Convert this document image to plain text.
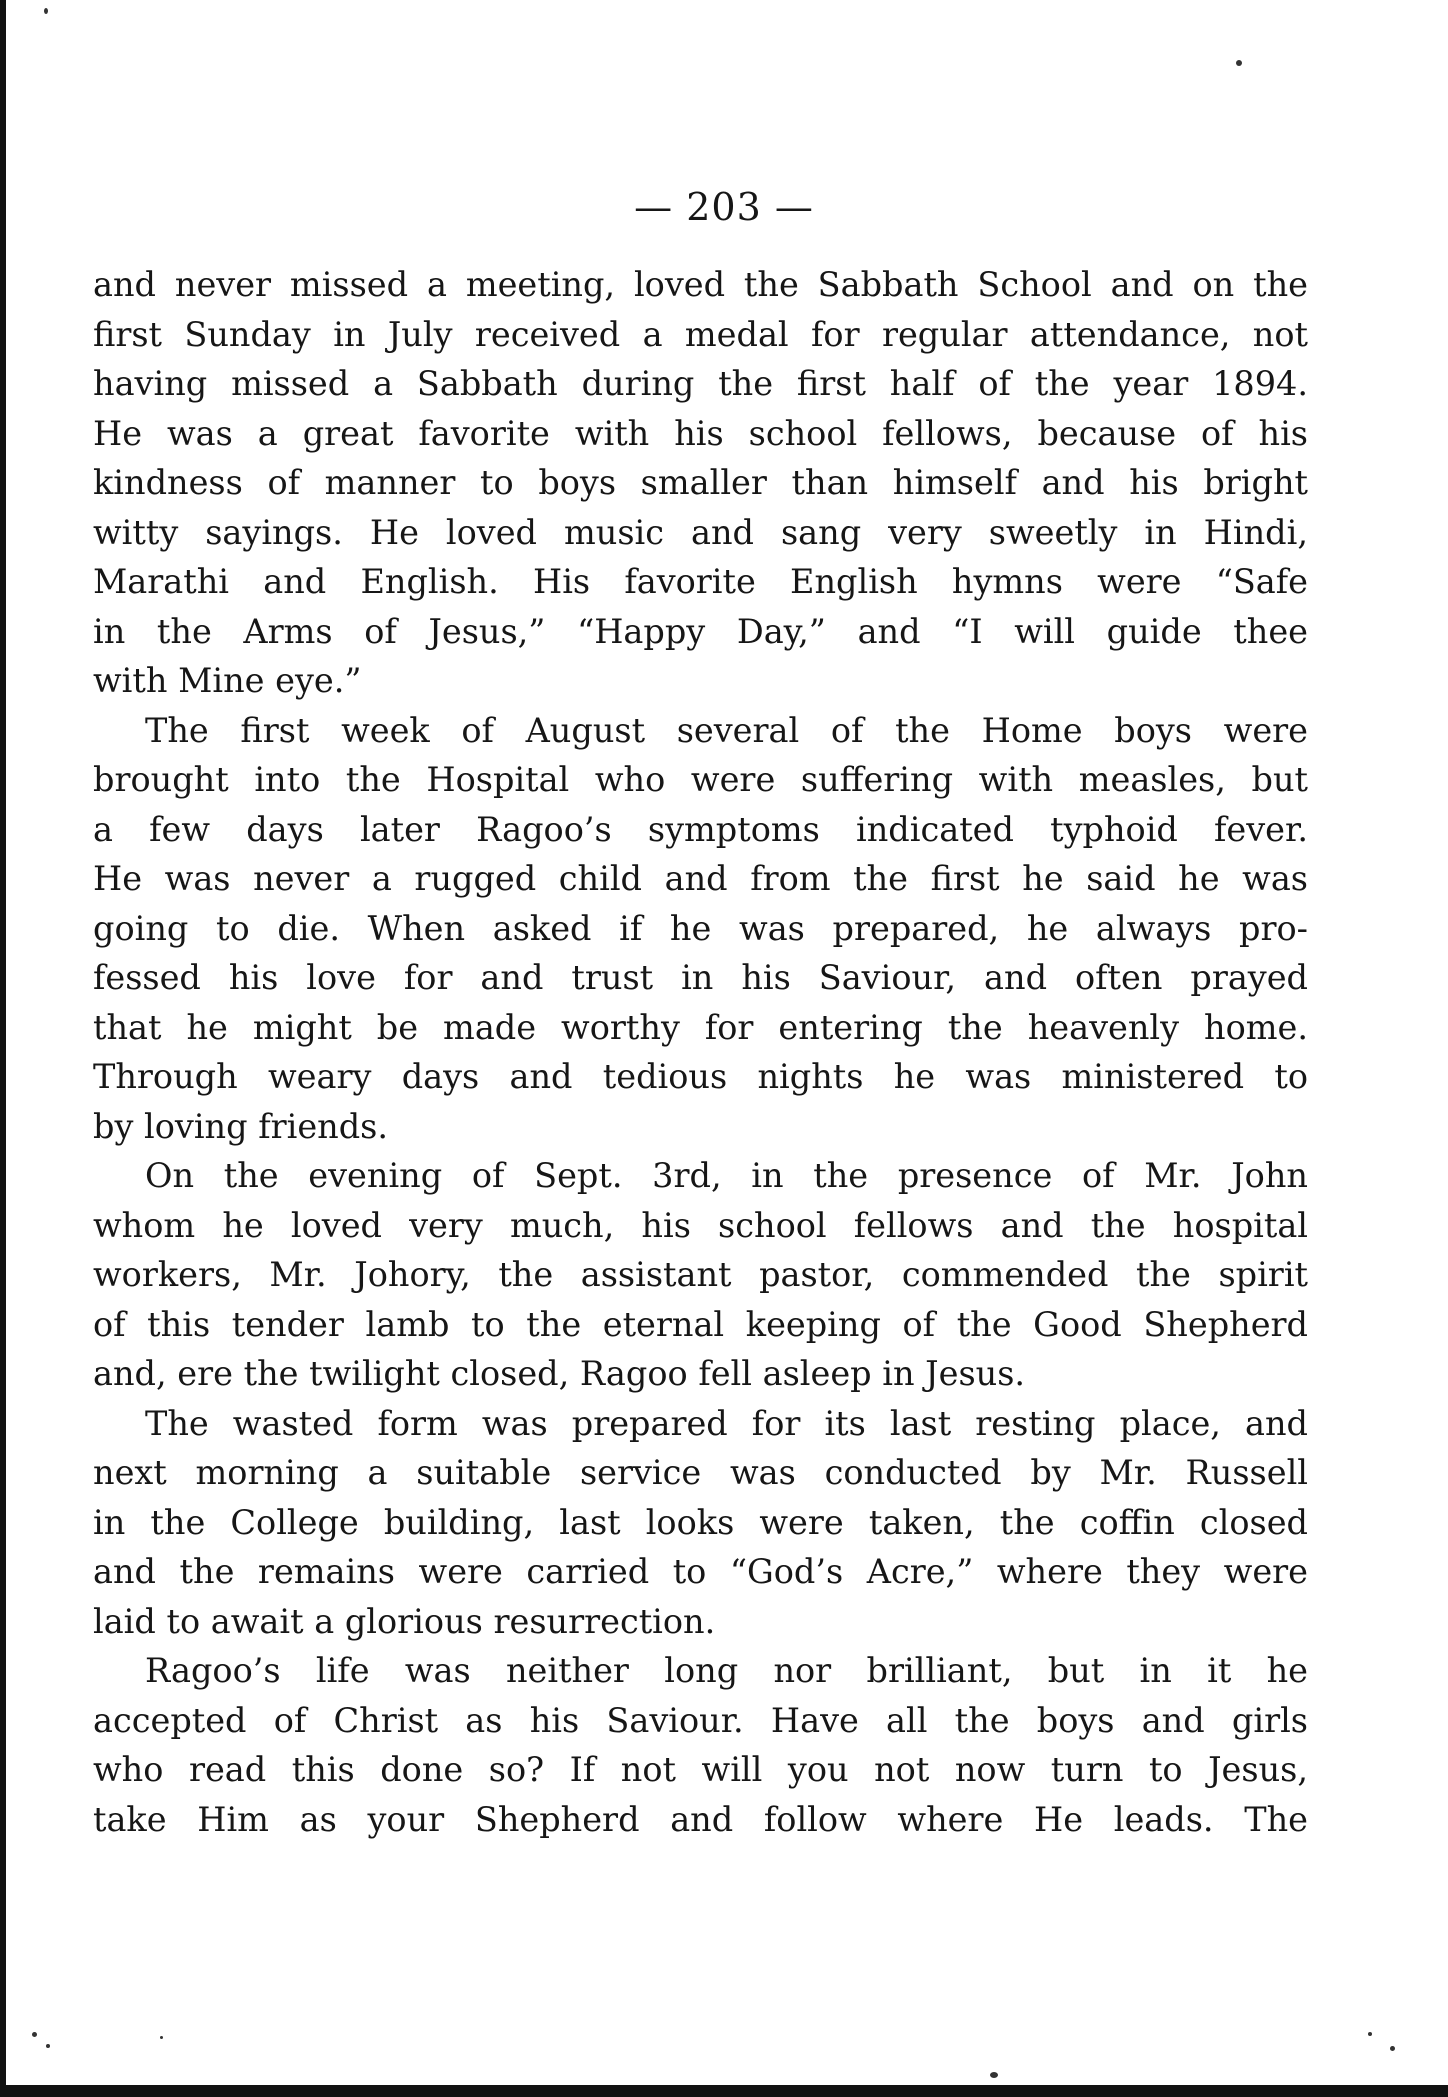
— 203 —
and never missed a meeting, loved the Sabbath School and on the
first Sunday in July received a medal for regular attendance, not
having missed a Sabbath during the first half of the year 1894.
He was a great favorite with his school fellows, because of his
kindness of manner to boys smaller than himself and his bright
witty sayings. He loved music and sang very sweetly in Hindi,
Marathi and English. His favorite English hymns were “Safe
in the Arms of Jesus,” “Happy Day,” and “I will guide thee
with Mine eye.”
The first week of August several of the Home boys were
brought into the Hospital who were suffering with measles, but
a few days later Ragoo’s symptoms indicated typhoid fever.
He was never a rugged child and from the first he said he was
going to die. When asked if he was prepared, he always pro-
fessed his love for and trust in his Saviour, and often prayed
that he might be made worthy for entering the heavenly home.
Through weary days and tedious nights he was ministered to
by loving friends.
On the evening of Sept. 3rd, in the presence of Mr. John
whom he loved very much, his school fellows and the hospital
workers, Mr. Johory, the assistant pastor, commended the spirit
of this tender lamb to the eternal keeping of the Good Shepherd
and, ere the twilight closed, Ragoo fell asleep in Jesus.
The wasted form was prepared for its last resting place, and
next morning a suitable service was conducted by Mr. Russell
in the College building, last looks were taken, the coffin closed
and the remains were carried to “God’s Acre,” where they were
laid to await a glorious resurrection.
Ragoo’s life was neither long nor brilliant, but in it he
accepted of Christ as his Saviour. Have all the boys and girls
who read this done so? If not will you not now turn to Jesus,
take Him as your Shepherd and follow where He leads. The
